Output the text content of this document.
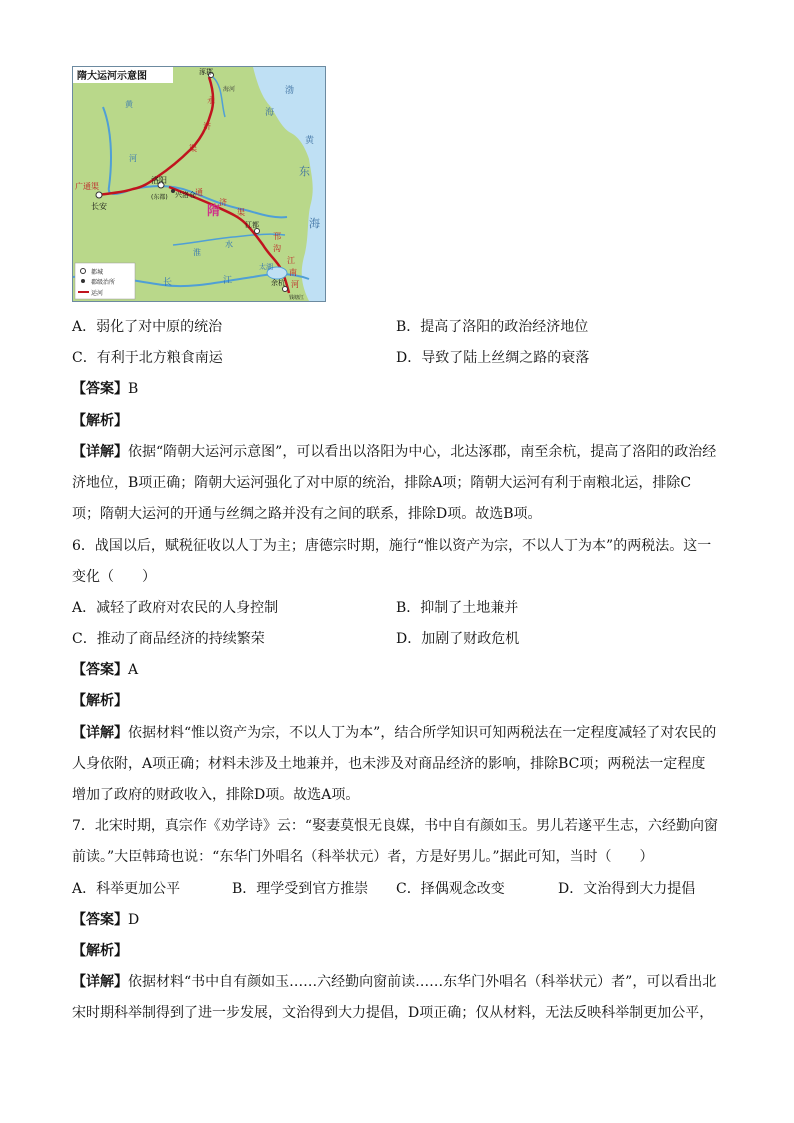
隋大运河示意图	涿郡
海河	渤
海
黄
东
海
黄
河
长	江
淮
水
广通渠
永
济
渠
通
济
渠
邗
沟
江
南
河
洛阳
(东都) 兴洛仓
长安	隋
江都
太湖
余杭
钱塘江
都城
郡级治所
运河
A．弱化了对中原的统治	B．提高了洛阳的政治经济地位
C．有利于北方粮食南运	D．导致了陆上丝绸之路的衰落
【答案】B
【解析】
【详解】依据“隋朝大运河示意图”，可以看出以洛阳为中心，北达涿郡，南至余杭，提高了洛阳的政治经
济地位，B项正确；隋朝大运河强化了对中原的统治，排除A项；隋朝大运河有利于南粮北运，排除C
项；隋朝大运河的开通与丝绸之路并没有之间的联系，排除D项。故选B项。
6．战国以后，赋税征收以人丁为主；唐德宗时期，施行“惟以资产为宗，不以人丁为本”的两税法。这一
变化（　　）
A．减轻了政府对农民的人身控制	B．抑制了土地兼并
C．推动了商品经济的持续繁荣	D．加剧了财政危机
【答案】A
【解析】
【详解】依据材料“惟以资产为宗，不以人丁为本”，结合所学知识可知两税法在一定程度减轻了对农民的
人身依附，A项正确；材料未涉及土地兼并，也未涉及对商品经济的影响，排除BC项；两税法一定程度
增加了政府的财政收入，排除D项。故选A项。
7．北宋时期，真宗作《劝学诗》云：“娶妻莫恨无良媒，书中自有颜如玉。男儿若遂平生志，六经勤向窗
前读。”大臣韩琦也说：“东华门外唱名（科举状元）者，方是好男儿。”据此可知，当时（　　）
A．科举更加公平	B．理学受到官方推崇 C．择偶观念改变	D．文治得到大力提倡
【答案】D
【解析】
【详解】依据材料“书中自有颜如玉……六经勤向窗前读……东华门外唱名（科举状元）者”，可以看出北
宋时期科举制得到了进一步发展，文治得到大力提倡，D项正确；仅从材料，无法反映科举制更加公平，
